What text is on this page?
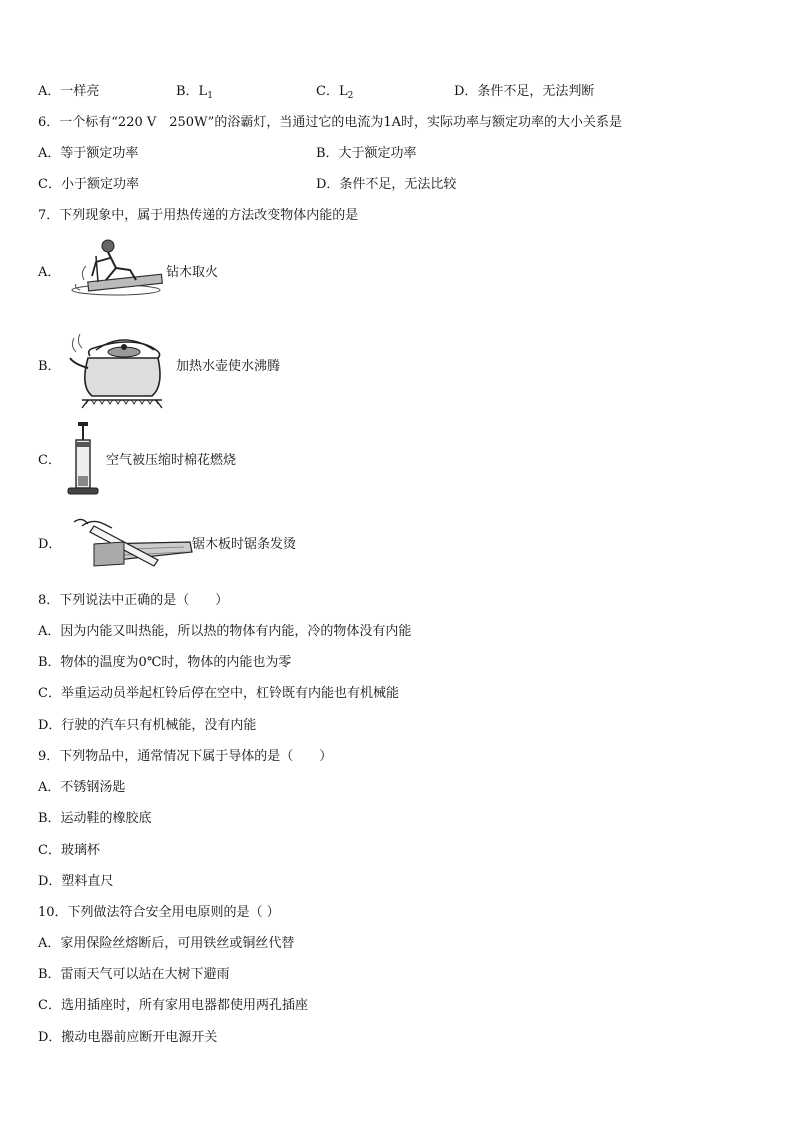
A．一样亮	B．$L_1$	C．$L_2$	D．条件不足，无法判断
6．一个标有“220 V　250W”的浴霸灯，当通过它的电流为1A时，实际功率与额定功率的大小关系是
A．等于额定功率	B．大于额定功率
C．小于额定功率	D．条件不足，无法比较
7．下列现象中，属于用热传递的方法改变物体内能的是
A．	钻木取火
B．	加热水壶使水沸腾
C．	空气被压缩时棉花燃烧
D．	锯木板时锯条发烫
8．下列说法中正确的是（　　）
A．因为内能又叫热能，所以热的物体有内能，冷的物体没有内能
B．物体的温度为0℃时，物体的内能也为零
C．举重运动员举起杠铃后停在空中，杠铃既有内能也有机械能
D．行驶的汽车只有机械能，没有内能
9．下列物品中，通常情况下属于导体的是（　　）
A．不锈钢汤匙
B．运动鞋的橡胶底
C．玻璃杯
D．塑料直尺
10．下列做法符合安全用电原则的是（ ）
A．家用保险丝熔断后，可用铁丝或铜丝代替
B．雷雨天气可以站在大树下避雨
C．选用插座时，所有家用电器都使用两孔插座
D．搬动电器前应断开电源开关
